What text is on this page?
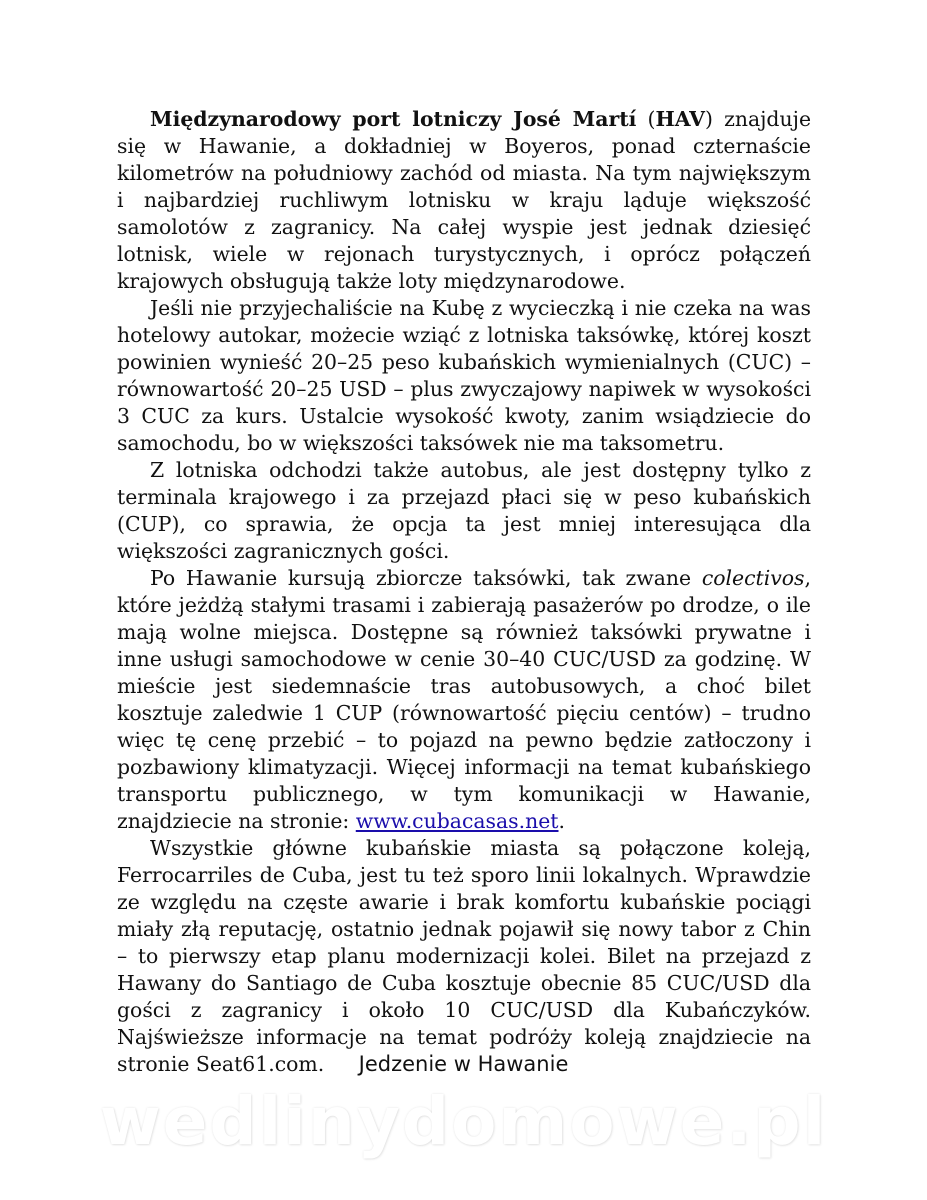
Międzynarodowy port lotniczy José Martí (HAV) znajduje się w Hawanie, a dokładniej w Boyeros, ponad czternaście kilometrów na południowy zachód od miasta. Na tym największym i najbardziej ruchliwym lotnisku w kraju ląduje większość samolotów z zagranicy. Na całej wyspie jest jednak dziesięć lotnisk, wiele w rejonach turystycznych, i oprócz połączeń krajowych obsługują także loty międzynarodowe.

Jeśli nie przyjechaliście na Kubę z wycieczką i nie czeka na was hotelowy autokar, możecie wziąć z lotniska taksówkę, której koszt powinien wynieść 20–25 peso kubańskich wymienialnych (CUC) – równowartość 20–25 USD – plus zwyczajowy napiwek w wysokości 3 CUC za kurs. Ustalcie wysokość kwoty, zanim wsiądziecie do samochodu, bo w większości taksówek nie ma taksometru.

Z lotniska odchodzi także autobus, ale jest dostępny tylko z terminala krajowego i za przejazd płaci się w peso kubańskich (CUP), co sprawia, że opcja ta jest mniej interesująca dla większości zagranicznych gości.

Po Hawanie kursują zbiorcze taksówki, tak zwane colectivos, które jeżdżą stałymi trasami i zabierają pasażerów po drodze, o ile mają wolne miejsca. Dostępne są również taksówki prywatne i inne usługi samochodowe w cenie 30–40 CUC/USD za godzinę. W mieście jest siedemnaście tras autobusowych, a choć bilet kosztuje zaledwie 1 CUP (równowartość pięciu centów) – trudno więc tę cenę przebić – to pojazd na pewno będzie zatłoczony i pozbawiony klimatyzacji. Więcej informacji na temat kubańskiego transportu publicznego, w tym komunikacji w Hawanie, znajdziecie na stronie: www.cubacasas.net.

Wszystkie główne kubańskie miasta są połączone koleją, Ferrocarriles de Cuba, jest tu też sporo linii lokalnych. Wprawdzie ze względu na częste awarie i brak komfortu kubańskie pociągi miały złą reputację, ostatnio jednak pojawił się nowy tabor z Chin – to pierwszy etap planu modernizacji kolei. Bilet na przejazd z Hawany do Santiago de Cuba kosztuje obecnie 85 CUC/USD dla gości z zagranicy i około 10 CUC/USD dla Kubańczyków. Najświeższe informacje na temat podróży koleją znajdziecie na stronie Seat61.com.	Jedzenie w Hawanie
wedlinydomowe.pl
